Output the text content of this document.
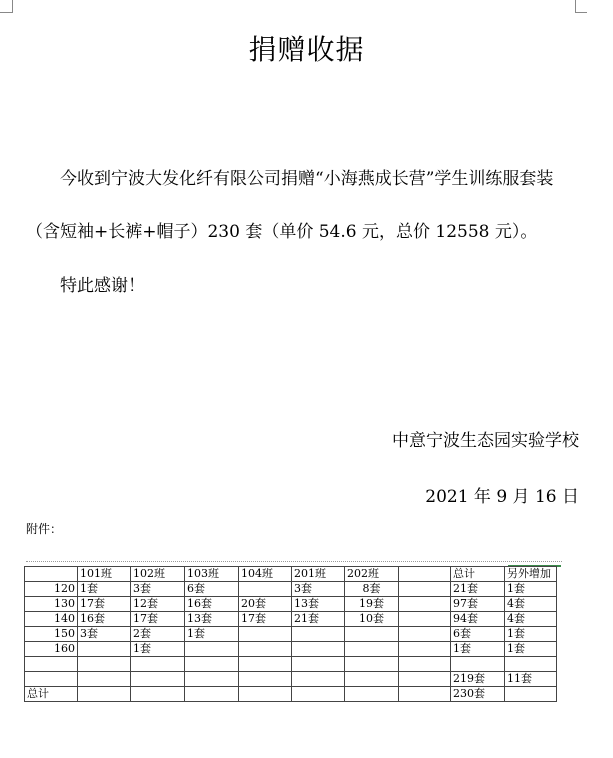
捐赠收据
今收到宁波大发化纤有限公司捐赠“小海燕成长营”学生训练服套装（含短袖+长裤+帽子）230 套（单价 54.6 元，总价 12558 元）。
特此感谢！
中意宁波生态园实验学校
2021 年 9 月 16 日
附件：
	101班	102班	103班	104班	201班	202班		总计	另外增加
120	1套	3套	6套		3套	8套		21套	1套
130	17套	12套	16套	20套	13套	19套		97套	4套
140	16套	17套	13套	17套	21套	10套		94套	4套
150	3套	2套	1套					6套	1套
160		1套						1套	1套

								219套	11套
总计								230套	
